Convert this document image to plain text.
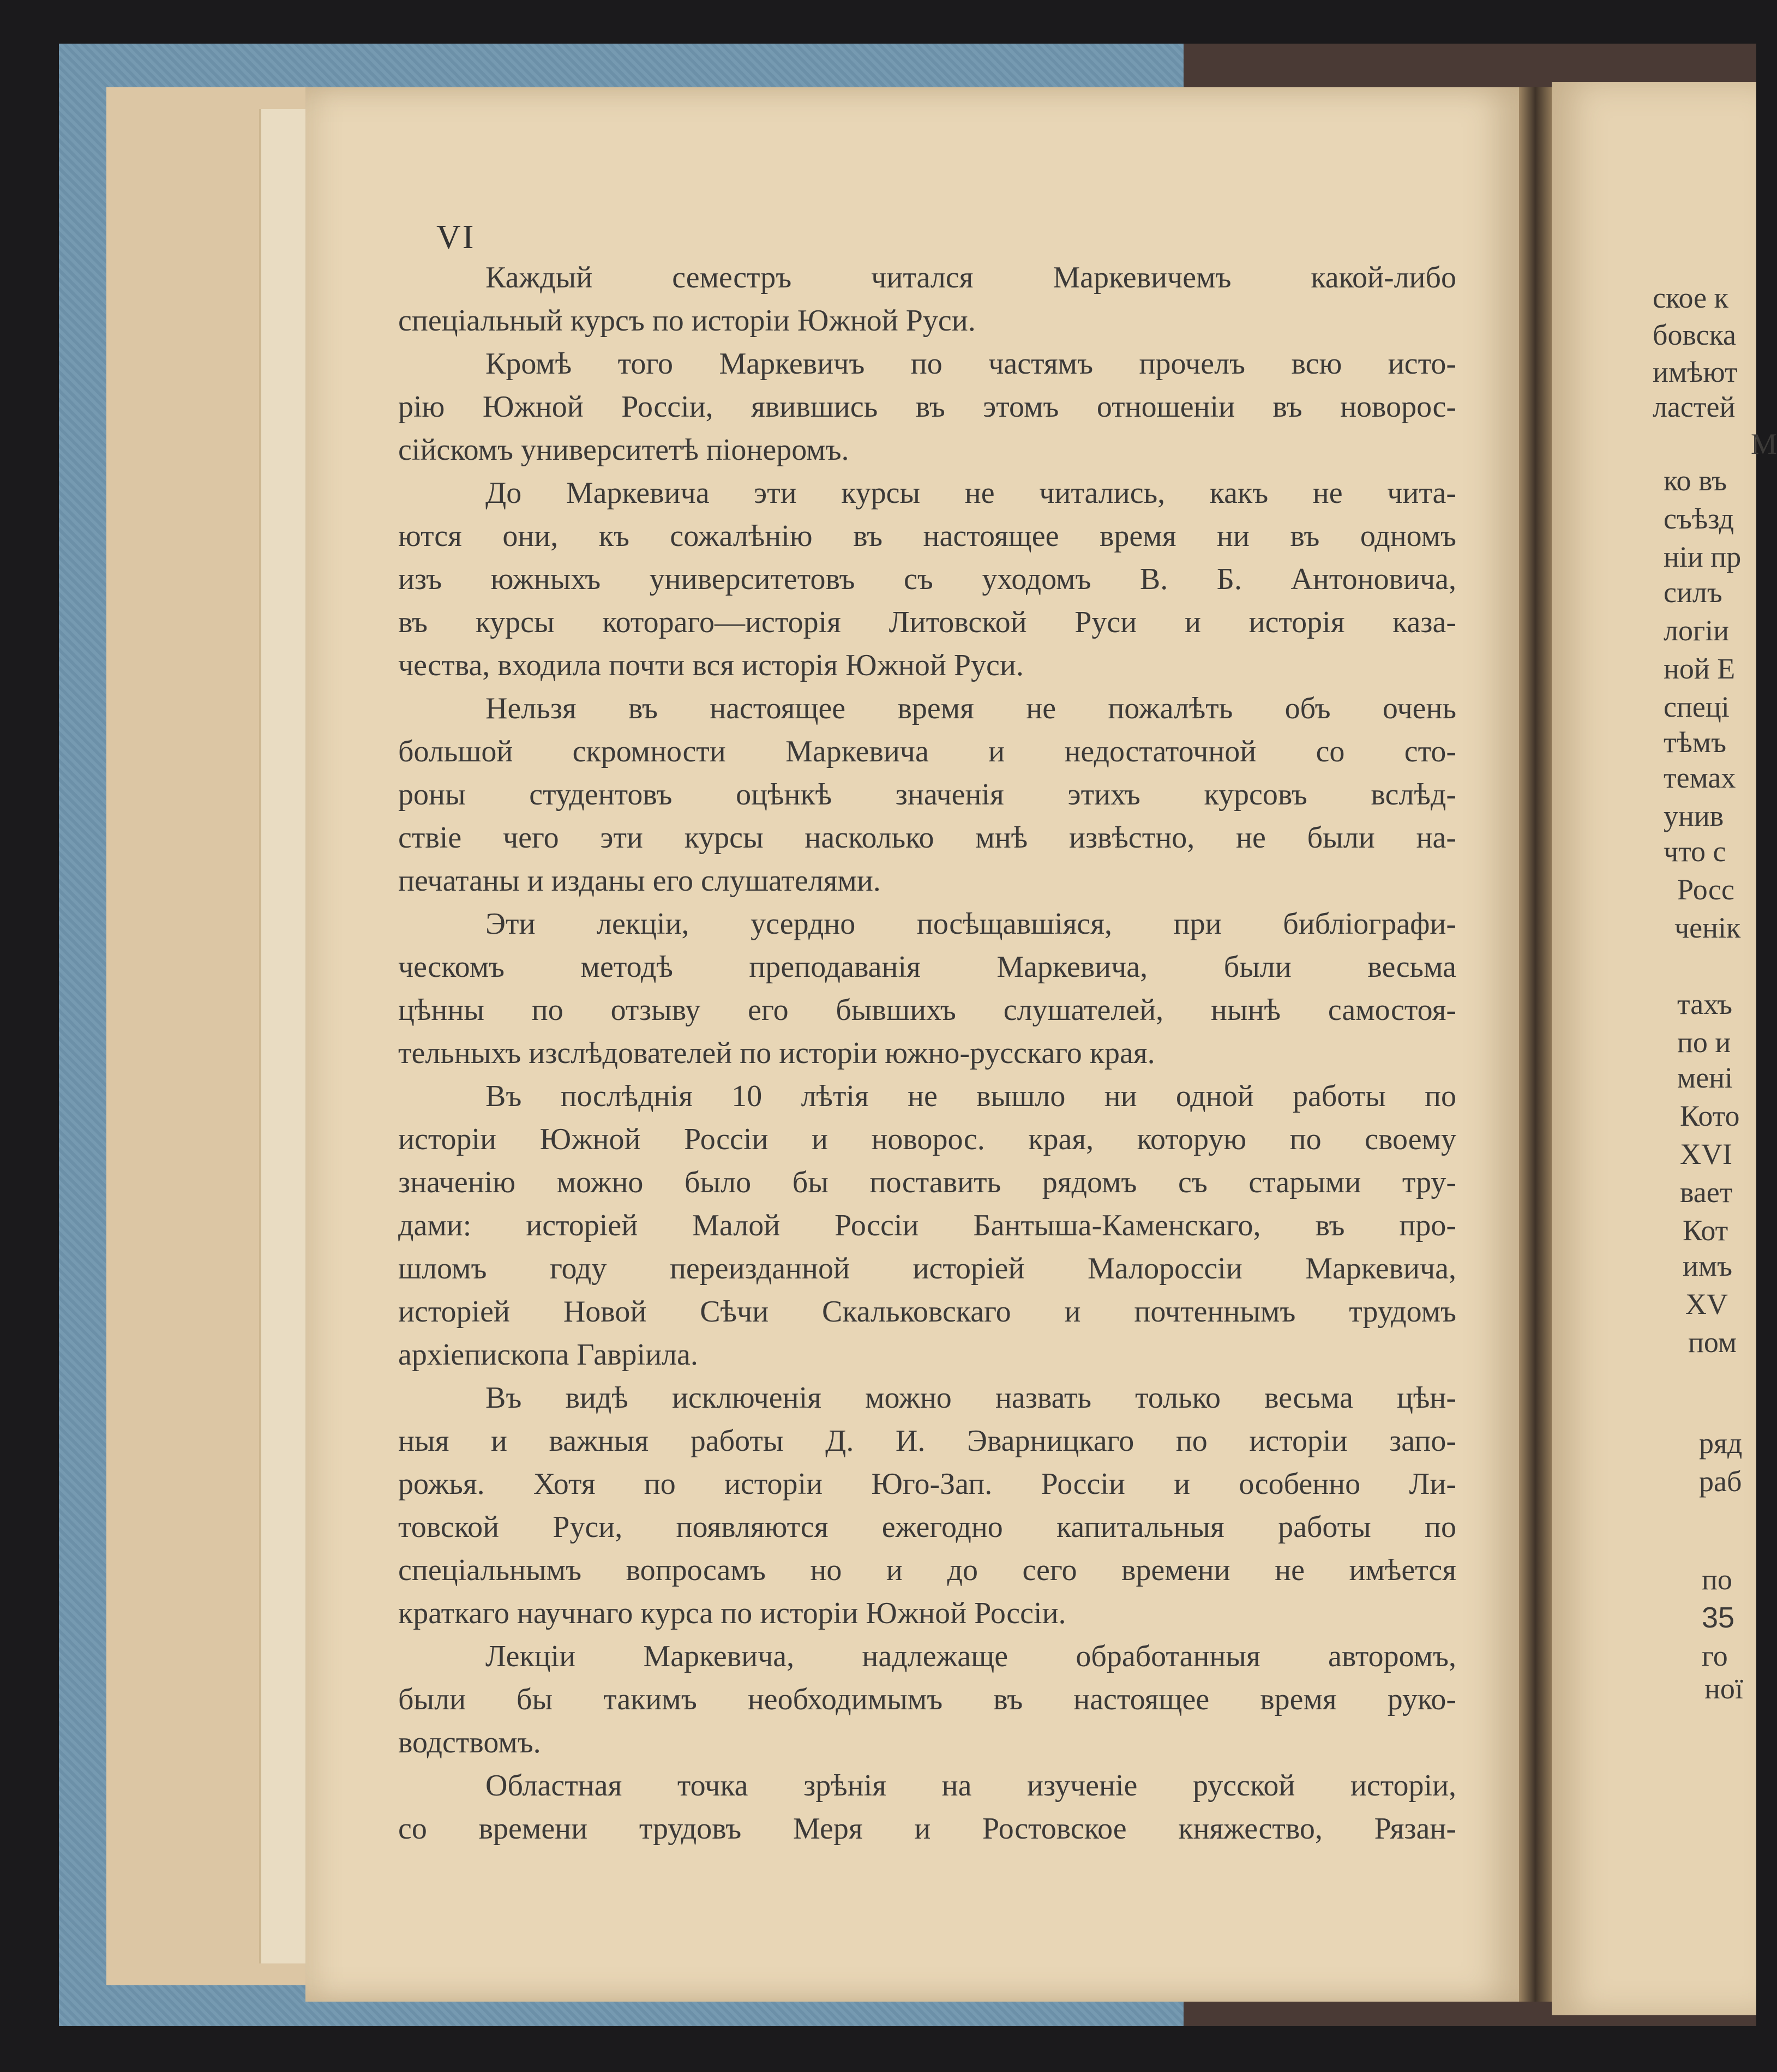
VI
Каждый семестръ читался Маркевичемъ какой-либо
спеціальный курсъ по исторіи Южной Руси.
Кромѣ того Маркевичъ по частямъ прочелъ всю исто-
рію Южной Россіи, явившись въ этомъ отношеніи въ новорос-
сійскомъ университетѣ піонеромъ.
До Маркевича эти курсы не читались, какъ не чита-
ются они, къ сожалѣнію въ настоящее время ни въ одномъ
изъ южныхъ университетовъ съ уходомъ В. Б. Антоновича,
въ курсы котораго—исторія Литовской Руси и исторія каза-
чества, входила почти вся исторія Южной Руси.
Нельзя въ настоящее время не пожалѣть объ очень
большой скромности Маркевича и недостаточной со сто-
роны студентовъ оцѣнкѣ значенія этихъ курсовъ вслѣд-
ствіе чего эти курсы насколько мнѣ извѣстно, не были на-
печатаны и изданы его слушателями.
Эти лекціи, усердно посѣщавшіяся, при библіографи-
ческомъ методѣ преподаванія Маркевича, были весьма
цѣнны по отзыву его бывшихъ слушателей, нынѣ самостоя-
тельныхъ изслѣдователей по исторіи южно-русскаго края.
Въ послѣднія 10 лѣтія не вышло ни одной работы по
исторіи Южной Россіи и новорос. края, которую по своему
значенію можно было бы поставить рядомъ съ старыми тру-
дами: исторіей Малой Россіи Бантыша-Каменскаго, въ про-
шломъ году переизданной исторіей Малороссіи Маркевича,
исторіей Новой Сѣчи Скальковскаго и почтеннымъ трудомъ
архіепископа Гавріила.
Въ видѣ исключенія можно назвать только весьма цѣн-
ныя и важныя работы Д. И. Эварницкаго по исторіи запо-
рожья. Хотя по исторіи Юго-Зап. Россіи и особенно Ли-
товской Руси, появляются ежегодно капитальныя работы по
спеціальнымъ вопросамъ но и до сего времени не имѣется
краткаго научнаго курса по исторіи Южной Россіи.
Лекціи Маркевича, надлежаще обработанныя авторомъ,
были бы такимъ необходимымъ въ настоящее время руко-
водствомъ.
Областная точка зрѣнія на изученіе русской исторіи,
со времени трудовъ Меря и Ростовское княжество, Рязан-
ское к
бовска
имѣют
ластей
М
ко въ
съѣзд
ніи пр
силъ
логіи
ной Е
спеці
тѣмъ
темах
унив
что с
Росс
ченік
тахъ
по и
мені
Кото
XVI
вает
Кот
имъ
XV
пом
ряд
раб
по
35
го
ної
